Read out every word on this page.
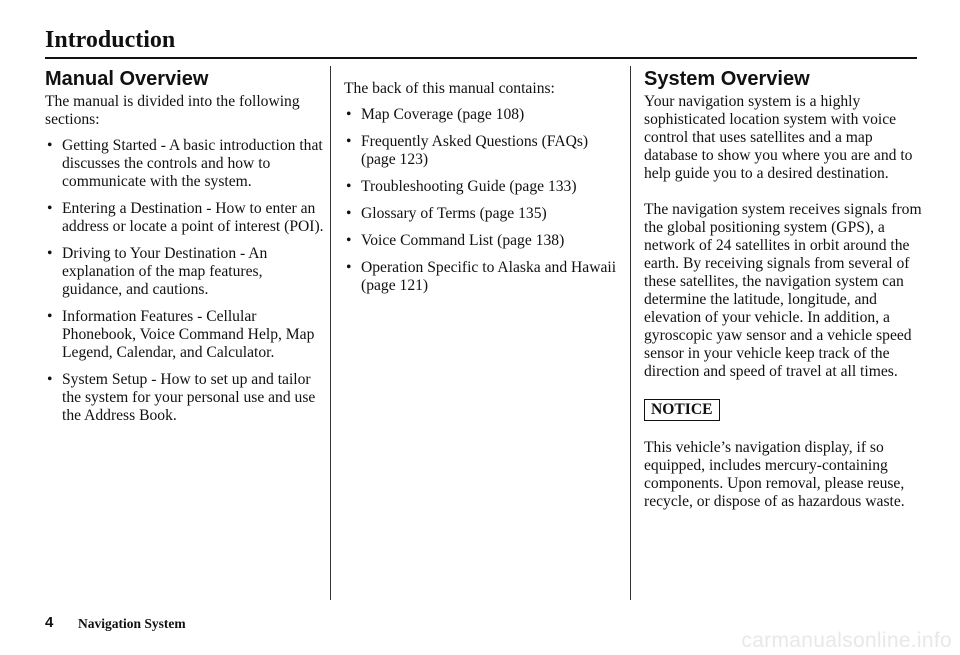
Introduction
Manual Overview

The manual is divided into the following sections:

• Getting Started - A basic introduction that discusses the controls and how to communicate with the system.
• Entering a Destination - How to enter an address or locate a point of interest (POI).
• Driving to Your Destination - An explanation of the map features, guidance, and cautions.
• Information Features - Cellular Phonebook, Voice Command Help, Map Legend, Calendar, and Calculator.
• System Setup - How to set up and tailor the system for your personal use and use the Address Book.

The back of this manual contains:

• Map Coverage (page 108)
• Frequently Asked Questions (FAQs) (page 123)
• Troubleshooting Guide (page 133)
• Glossary of Terms (page 135)
• Voice Command List (page 138)
• Operation Specific to Alaska and Hawaii (page 121)
System Overview

Your navigation system is a highly sophisticated location system with voice control that uses satellites and a map database to show you where you are and to help guide you to a desired destination.

The navigation system receives signals from the global positioning system (GPS), a network of 24 satellites in orbit around the earth. By receiving signals from several of these satellites, the navigation system can determine the latitude, longitude, and elevation of your vehicle. In addition, a gyroscopic yaw sensor and a vehicle speed sensor in your vehicle keep track of the direction and speed of travel at all times.

NOTICE

This vehicle’s navigation display, if so equipped, includes mercury-containing components. Upon removal, please reuse, recycle, or dispose of as hazardous waste.

4 Navigation System
carmanualsonline.info
